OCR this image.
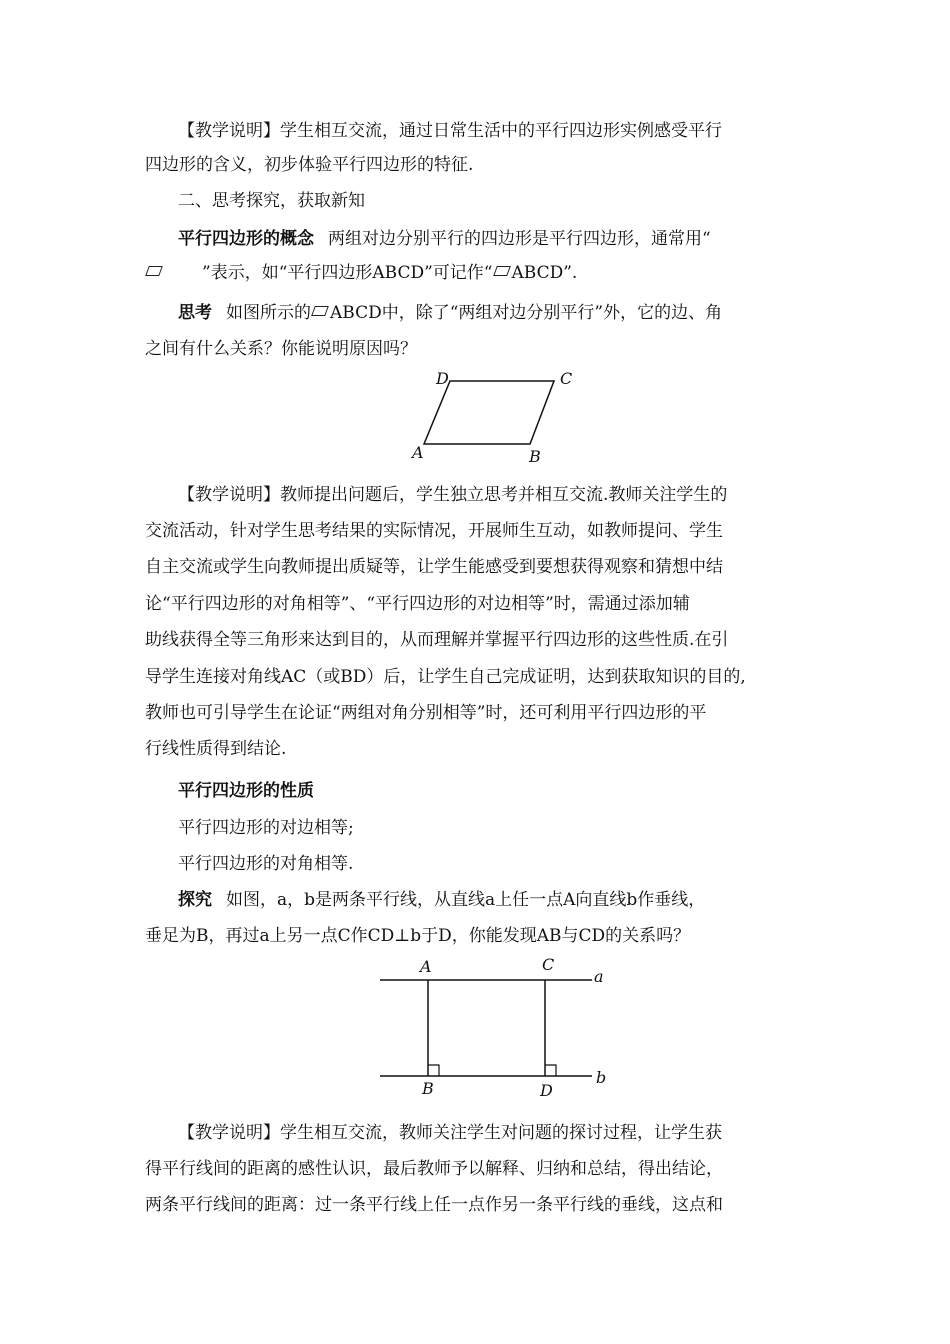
【教学说明】学生相互交流，通过日常生活中的平行四边形实例感受平行
四边形的含义，初步体验平行四边形的特征.
二、思考探究，获取新知
平行四边形的概念 两组对边分别平行的四边形是平行四边形，通常用“
”表示，如“平行四边形ABCD”可记作“ ABCD”.
思考 如图所示的 ABCD中，除了“两组对边分别平行”外，它的边、角
之间有什么关系？你能说明原因吗？
A	B
C
D
【教学说明】教师提出问题后，学生独立思考并相互交流.教师关注学生的
交流活动，针对学生思考结果的实际情况，开展师生互动，如教师提问、学生
自主交流或学生向教师提出质疑等，让学生能感受到要想获得观察和猜想中结
论“平行四边形的对角相等”、“平行四边形的对边相等”时，需通过添加辅
助线获得全等三角形来达到目的，从而理解并掌握平行四边形的这些性质.在引
导学生连接对角线AC（或BD）后，让学生自己完成证明，达到获取知识的目的,
教师也可引导学生在论证“两组对角分别相等”时，还可利用平行四边形的平
行线性质得到结论.
平行四边形的性质
平行四边形的对边相等;
平行四边形的对角相等.
探究 如图，a，b是两条平行线，从直线a上任一点A向直线b作垂线，
垂足为B，再过a上另一点C作CD⊥b于D，你能发现AB与CD的关系吗？
A
B
C
D
a
b
【教学说明】学生相互交流，教师关注学生对问题的探讨过程，让学生获
得平行线间的距离的感性认识，最后教师予以解释、归纳和总结，得出结论，
两条平行线间的距离：过一条平行线上任一点作另一条平行线的垂线，这点和
